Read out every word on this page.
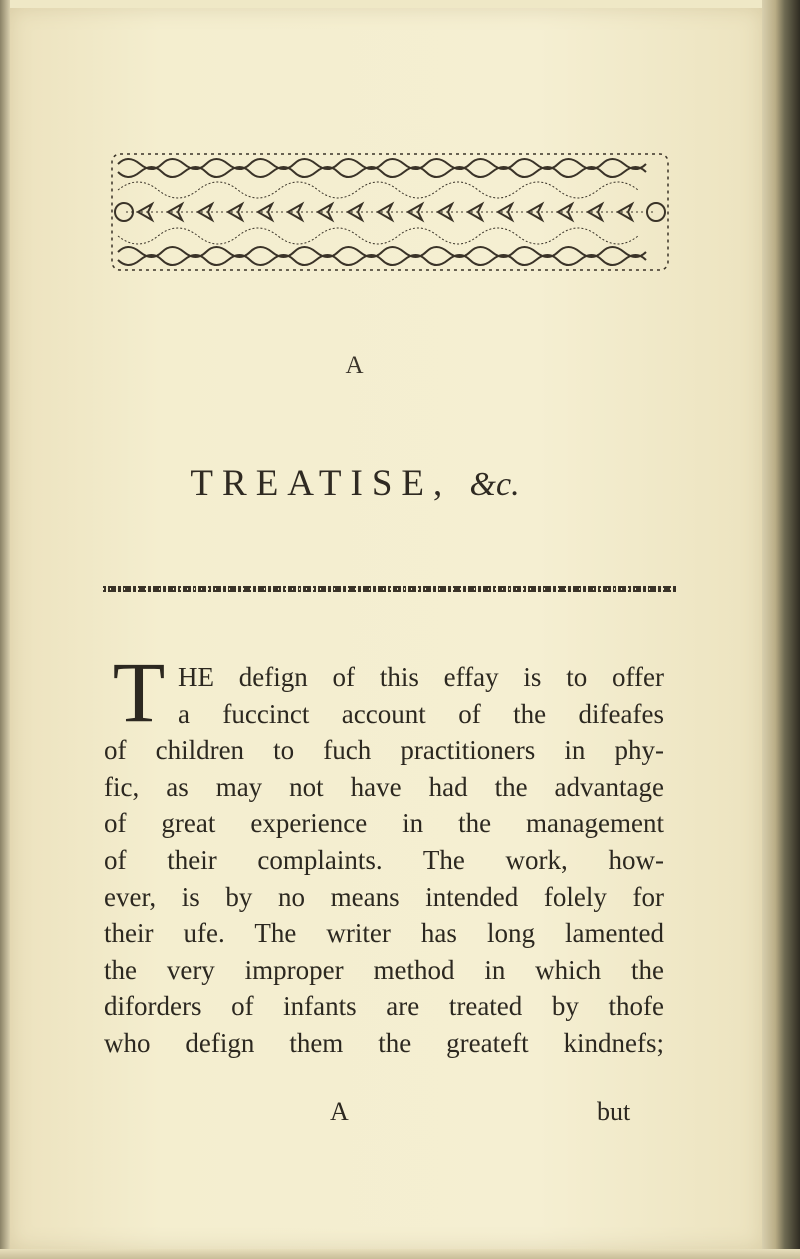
A
TREATISE, &c.
T HE defign of this effay is to offer
a fuccinct account of the difeafes
of children to fuch practitioners in phy-
fic, as may not have had the advantage
of great experience in the management
of their complaints. The work, how-
ever, is by no means intended folely for
their ufe. The writer has long lamented
the very improper method in which the
diforders of infants are treated by thofe
who defign them the greateft kindnefs;
A	but
